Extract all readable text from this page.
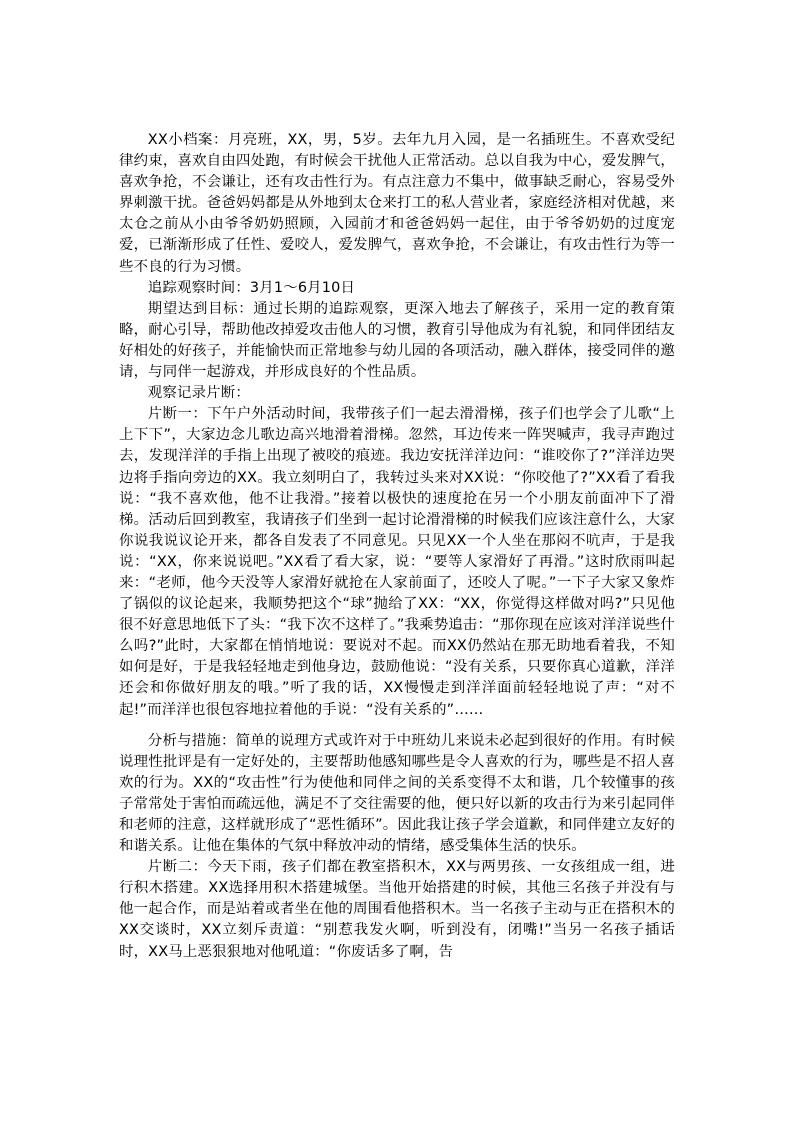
XX小档案：月亮班，XX，男，5岁。去年九月入园，是一名插班生。不喜欢受纪律约束，喜欢自由四处跑，有时候会干扰他人正常活动。总以自我为中心，爱发脾气，喜欢争抢，不会谦让，还有攻击性行为。有点注意力不集中，做事缺乏耐心，容易受外界刺激干扰。爸爸妈妈都是从外地到太仓来打工的私人营业者，家庭经济相对优越，来太仓之前从小由爷爷奶奶照顾，入园前才和爸爸妈妈一起住，由于爷爷奶奶的过度宠爱，已渐渐形成了任性、爱咬人，爱发脾气，喜欢争抢，不会谦让，有攻击性行为等一些不良的行为习惯。

追踪观察时间：3月1～6月10日

期望达到目标：通过长期的追踪观察，更深入地去了解孩子，采用一定的教育策略，耐心引导，帮助他改掉爱攻击他人的习惯，教育引导他成为有礼貌，和同伴团结友好相处的好孩子，并能愉快而正常地参与幼儿园的各项活动，融入群体，接受同伴的邀请，与同伴一起游戏，并形成良好的个性品质。

观察记录片断：

片断一：下午户外活动时间，我带孩子们一起去滑滑梯，孩子们也学会了儿歌“上上下下”，大家边念儿歌边高兴地滑着滑梯。忽然，耳边传来一阵哭喊声，我寻声跑过去，发现洋洋的手指上出现了被咬的痕迹。我边安抚洋洋边问：“谁咬你了?”洋洋边哭边将手指向旁边的XX。我立刻明白了，我转过头来对XX说：“你咬他了?”XX看了看我说：“我不喜欢他，他不让我滑。”接着以极快的速度抢在另一个小朋友前面冲下了滑梯。活动后回到教室，我请孩子们坐到一起讨论滑滑梯的时候我们应该注意什么，大家你说我说议论开来，都各自发表了不同意见。只见XX一个人坐在那闷不吭声，于是我说：“XX，你来说说吧。”XX看了看大家，说：“要等人家滑好了再滑。”这时欣雨叫起来：“老师，他今天没等人家滑好就抢在人家前面了，还咬人了呢。”一下子大家又象炸了锅似的议论起来，我顺势把这个“球”抛给了XX：“XX，你觉得这样做对吗?”只见他很不好意思地低下了头：“我下次不这样了。”我乘势追击：“那你现在应该对洋洋说些什么吗?”此时，大家都在悄悄地说：要说对不起。而XX仍然站在那无助地看着我，不知如何是好，于是我轻轻地走到他身边，鼓励他说：“没有关系，只要你真心道歉，洋洋还会和你做好朋友的哦。”听了我的话，XX慢慢走到洋洋面前轻轻地说了声：“对不起!”而洋洋也很包容地拉着他的手说：“没有关系的”……

分析与措施：简单的说理方式或许对于中班幼儿来说未必起到很好的作用。有时候说理性批评是有一定好处的，主要帮助他感知哪些是令人喜欢的行为，哪些是不招人喜欢的行为。XX的“攻击性”行为使他和同伴之间的关系变得不太和谐，几个较懂事的孩子常常处于害怕而疏远他，满足不了交往需要的他，便只好以新的攻击行为来引起同伴和老师的注意，这样就形成了“恶性循环”。因此我让孩子学会道歉，和同伴建立友好的和谐关系。让他在集体的气氛中释放冲动的情绪，感受集体生活的快乐。

片断二：今天下雨，孩子们都在教室搭积木，XX与两男孩、一女孩组成一组，进行积木搭建。XX选择用积木搭建城堡。当他开始搭建的时候，其他三名孩子并没有与他一起合作，而是站着或者坐在他的周围看他搭积木。当一名孩子主动与正在搭积木的XX交谈时，XX立刻斥责道：“别惹我发火啊，听到没有，闭嘴!”当另一名孩子插话时，XX马上恶狠狠地对他吼道：“你废话多了啊，告
